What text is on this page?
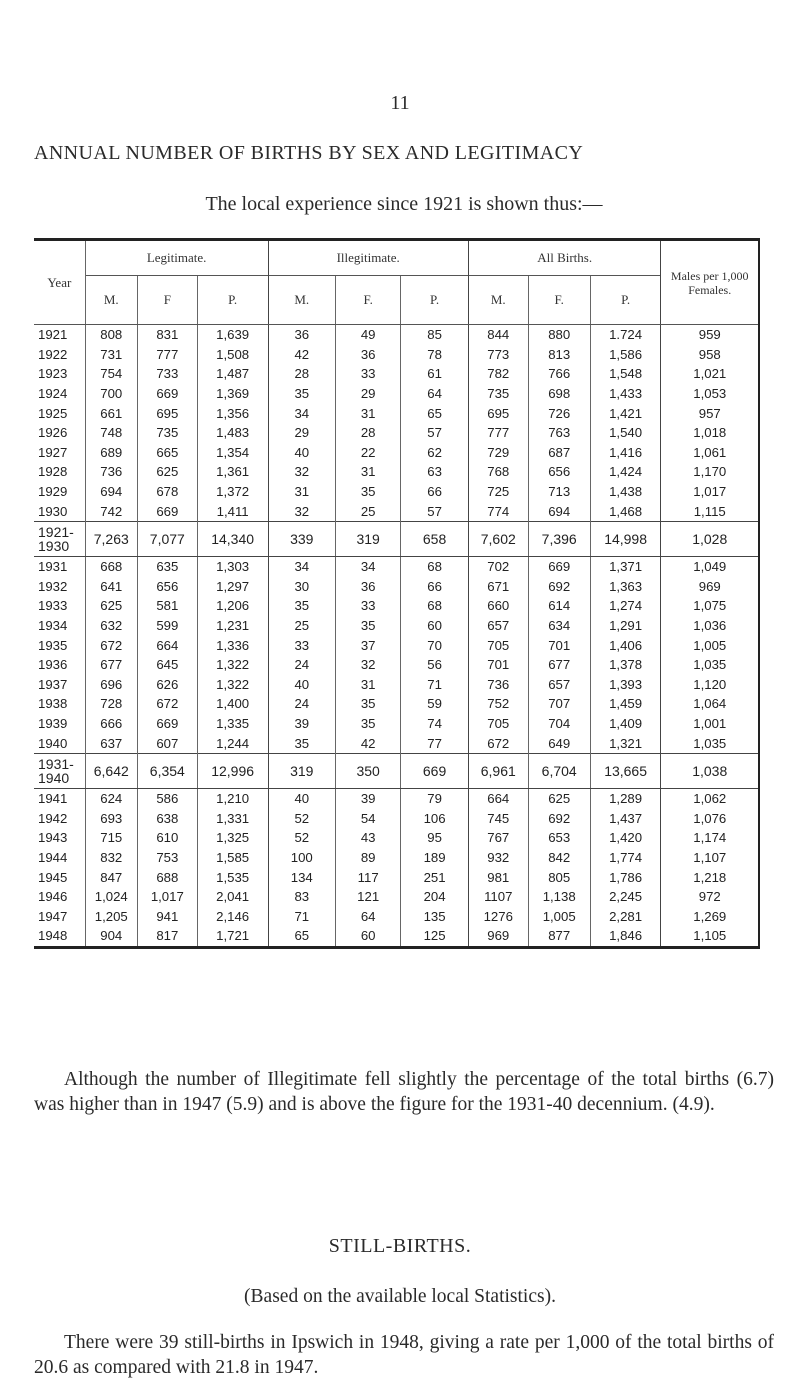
11
ANNUAL NUMBER OF BIRTHS BY SEX AND LEGITIMACY
The local experience since 1921 is shown thus:—
Year	Legitimate.			Illegitimate.			All Births.			Males per 1,000 Females.
	M.	F	P.	M.	F.	P.	M.	F.	P.	
1921	808	831	1,639	36	49	85	844	880	1.724	959
1922	731	777	1,508	42	36	78	773	813	1,586	958
1923	754	733	1,487	28	33	61	782	766	1,548	1,021
1924	700	669	1,369	35	29	64	735	698	1,433	1,053
1925	661	695	1,356	34	31	65	695	726	1,421	957
1926	748	735	1,483	29	28	57	777	763	1,540	1,018
1927	689	665	1,354	40	22	62	729	687	1,416	1,061
1928	736	625	1,361	32	31	63	768	656	1,424	1,170
1929	694	678	1,372	31	35	66	725	713	1,438	1,017
1930	742	669	1,411	32	25	57	774	694	1,468	1,115
1921-1930	7,263	7,077	14,340	339	319	658	7,602	7,396	14,998	1,028
1931	668	635	1,303	34	34	68	702	669	1,371	1,049
1932	641	656	1,297	30	36	66	671	692	1,363	969
1933	625	581	1,206	35	33	68	660	614	1,274	1,075
1934	632	599	1,231	25	35	60	657	634	1,291	1,036
1935	672	664	1,336	33	37	70	705	701	1,406	1,005
1936	677	645	1,322	24	32	56	701	677	1,378	1,035
1937	696	626	1,322	40	31	71	736	657	1,393	1,120
1938	728	672	1,400	24	35	59	752	707	1,459	1,064
1939	666	669	1,335	39	35	74	705	704	1,409	1,001
1940	637	607	1,244	35	42	77	672	649	1,321	1,035
1931-1940	6,642	6,354	12,996	319	350	669	6,961	6,704	13,665	1,038
1941	624	586	1,210	40	39	79	664	625	1,289	1,062
1942	693	638	1,331	52	54	106	745	692	1,437	1,076
1943	715	610	1,325	52	43	95	767	653	1,420	1,174
1944	832	753	1,585	100	89	189	932	842	1,774	1,107
1945	847	688	1,535	134	117	251	981	805	1,786	1,218
1946	1,024	1,017	2,041	83	121	204	1107	1,138	2,245	972
1947	1,205	941	2,146	71	64	135	1276	1,005	2,281	1,269
1948	904	817	1,721	65	60	125	969	877	1,846	1,105
Although the number of Illegitimate fell slightly the percentage of the total births (6.7) was higher than in 1947 (5.9) and is above the figure for the 1931-40 decennium. (4.9).
STILL-BIRTHS.
(Based on the available local Statistics).
There were 39 still-births in Ipswich in 1948, giving a rate per 1,000 of the total births of 20.6 as compared with 21.8 in 1947.
